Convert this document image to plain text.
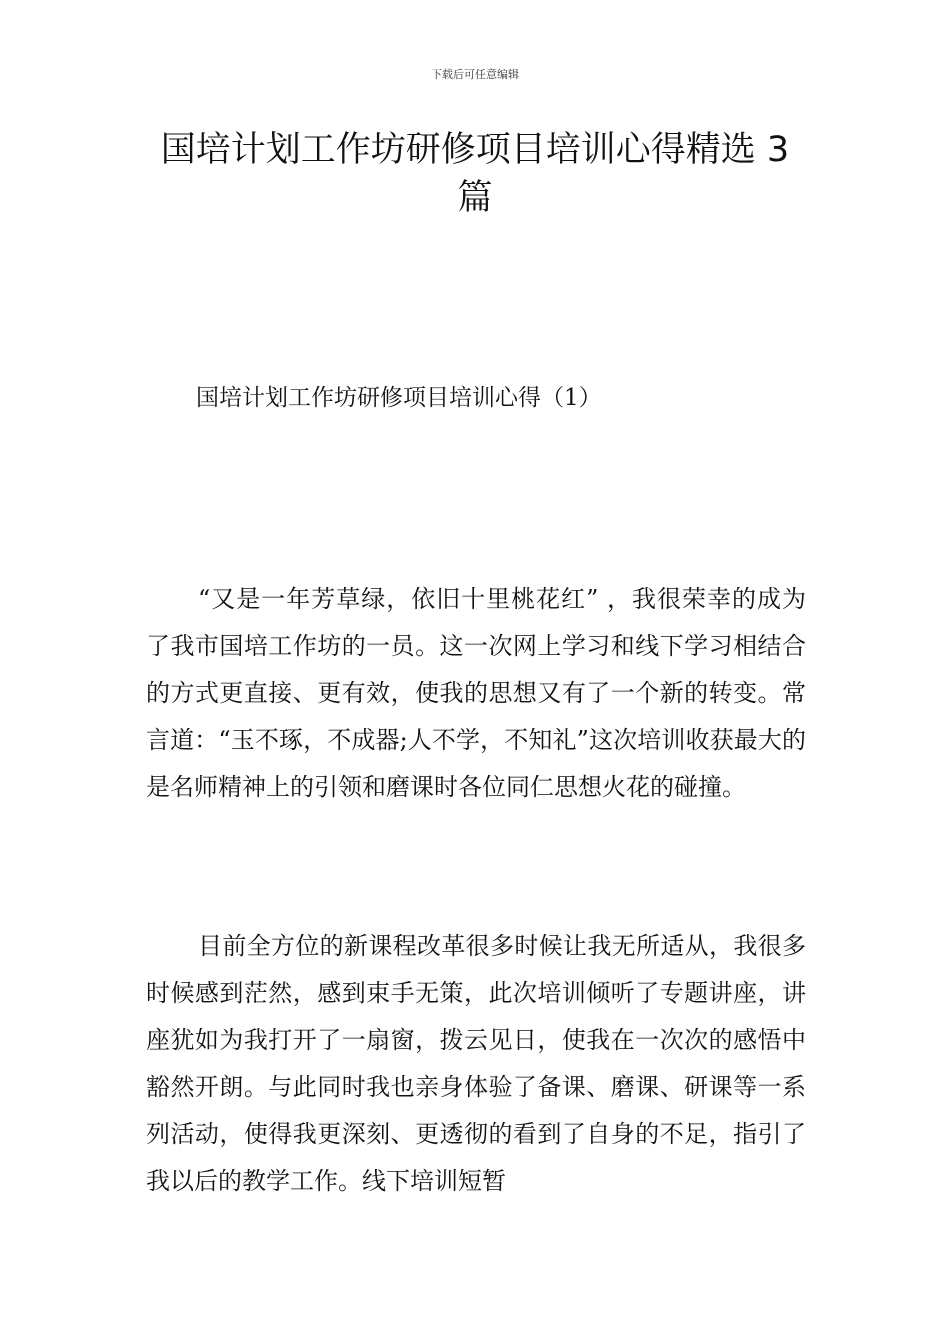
下载后可任意编辑
国培计划工作坊研修项目培训心得精选 3 篇
国培计划工作坊研修项目培训心得（1）

“又是一年芳草绿，依旧十里桃花红” ，我很荣幸的成为了我市国培工作坊的一员。这一次网上学习和线下学习相结合的方式更直接、更有效，使我的思想又有了一个新的转变。常言道：“玉不琢，不成器;人不学，不知礼”这次培训收获最大的是名师精神上的引领和磨课时各位同仁思想火花的碰撞。

目前全方位的新课程改革很多时候让我无所适从，我很多时候感到茫然，感到束手无策，此次培训倾听了专题讲座，讲座犹如为我打开了一扇窗，拨云见日，使我在一次次的感悟中豁然开朗。与此同时我也亲身体验了备课、磨课、研课等一系列活动，使得我更深刻、更透彻的看到了自身的不足，指引了我以后的教学工作。线下培训短暂
